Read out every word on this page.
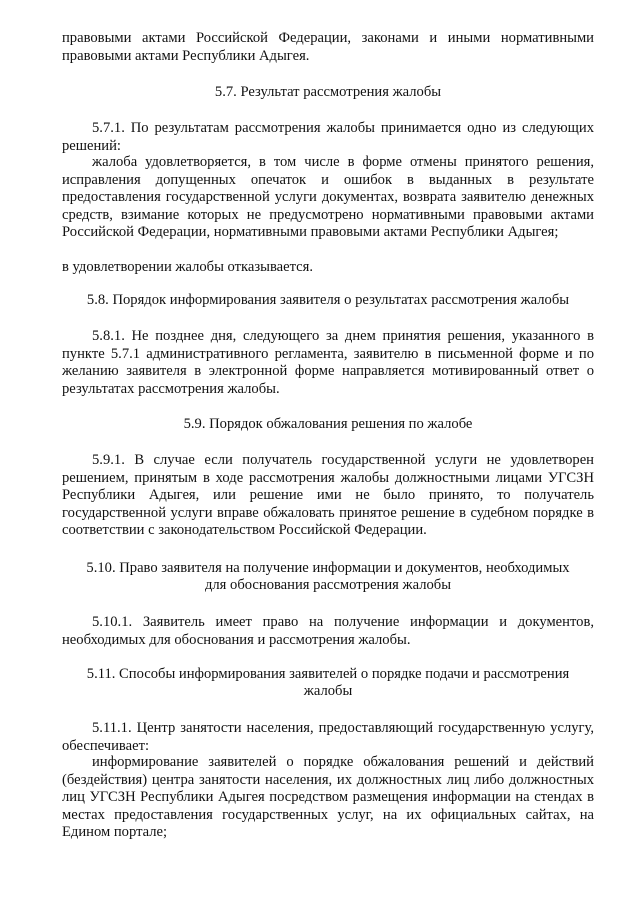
правовыми актами Российской Федерации, законами и иными нормативными правовыми актами Республики Адыгея.

5.7. Результат рассмотрения жалобы

5.7.1. По результатам рассмотрения жалобы принимается одно из следующих решений:

жалоба удовлетворяется, в том числе в форме отмены принятого решения, исправления допущенных опечаток и ошибок в выданных в результате предоставления государственной услуги документах, возврата заявителю денежных средств, взимание которых не предусмотрено нормативными правовыми актами Российской Федерации, нормативными правовыми актами Республики Адыгея;

в удовлетворении жалобы отказывается.

5.8. Порядок информирования заявителя о результатах рассмотрения жалобы

5.8.1. Не позднее дня, следующего за днем принятия решения, указанного в пункте 5.7.1 административного регламента, заявителю в письменной форме и по желанию заявителя в электронной форме направляется мотивированный ответ о результатах рассмотрения жалобы.

5.9. Порядок обжалования решения по жалобе

5.9.1. В случае если получатель государственной услуги не удовлетворен решением, принятым в ходе рассмотрения жалобы должностными лицами УГСЗН Республики Адыгея, или решение ими не было принято, то получатель государственной услуги вправе обжаловать принятое решение в судебном порядке в соответствии с законодательством Российской Федерации.

5.10. Право заявителя на получение информации и документов, необходимых

для обоснования рассмотрения жалобы

5.10.1. Заявитель имеет право на получение информации и документов, необходимых для обоснования и рассмотрения жалобы.

5.11. Способы информирования заявителей о порядке подачи и рассмотрения

жалобы

5.11.1. Центр занятости населения, предоставляющий государственную услугу, обеспечивает:

информирование заявителей о порядке обжалования решений и действий (бездействия) центра занятости населения, их должностных лиц либо должностных лиц УГСЗН Республики Адыгея посредством размещения информации на стендах в местах предоставления государственных услуг, на их официальных сайтах, на Едином портале;
